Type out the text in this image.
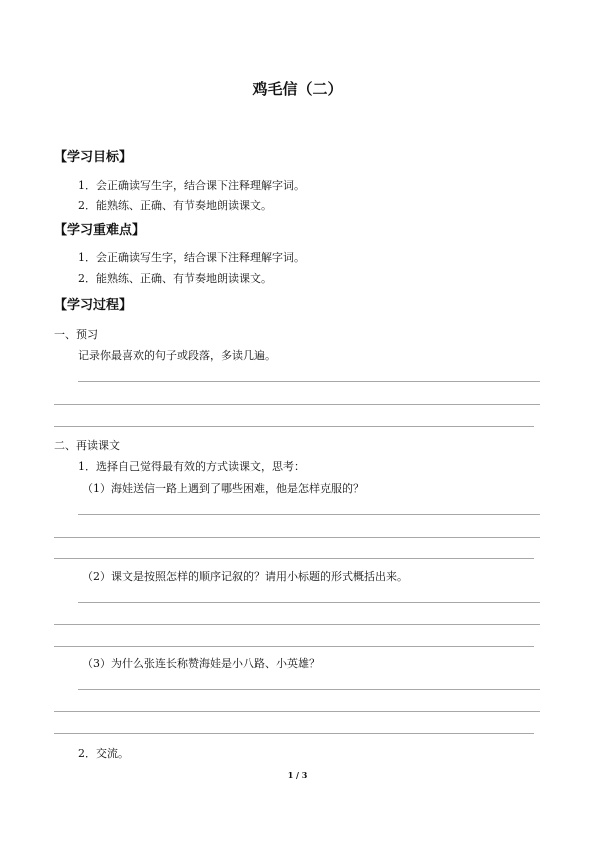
鸡毛信（二）
【学习目标】
1．会正确读写生字，结合课下注释理解字词。
2．能熟练、正确、有节奏地朗读课文。
【学习重难点】
1．会正确读写生字，结合课下注释理解字词。
2．能熟练、正确、有节奏地朗读课文。
【学习过程】
一、预习
记录你最喜欢的句子或段落，多读几遍。
二、再读课文
1．选择自己觉得最有效的方式读课文，思考：
（1）海娃送信一路上遇到了哪些困难，他是怎样克服的？
（2）课文是按照怎样的顺序记叙的？请用小标题的形式概括出来。
（3）为什么张连长称赞海娃是小八路、小英雄？
2．交流。
1 / 3
